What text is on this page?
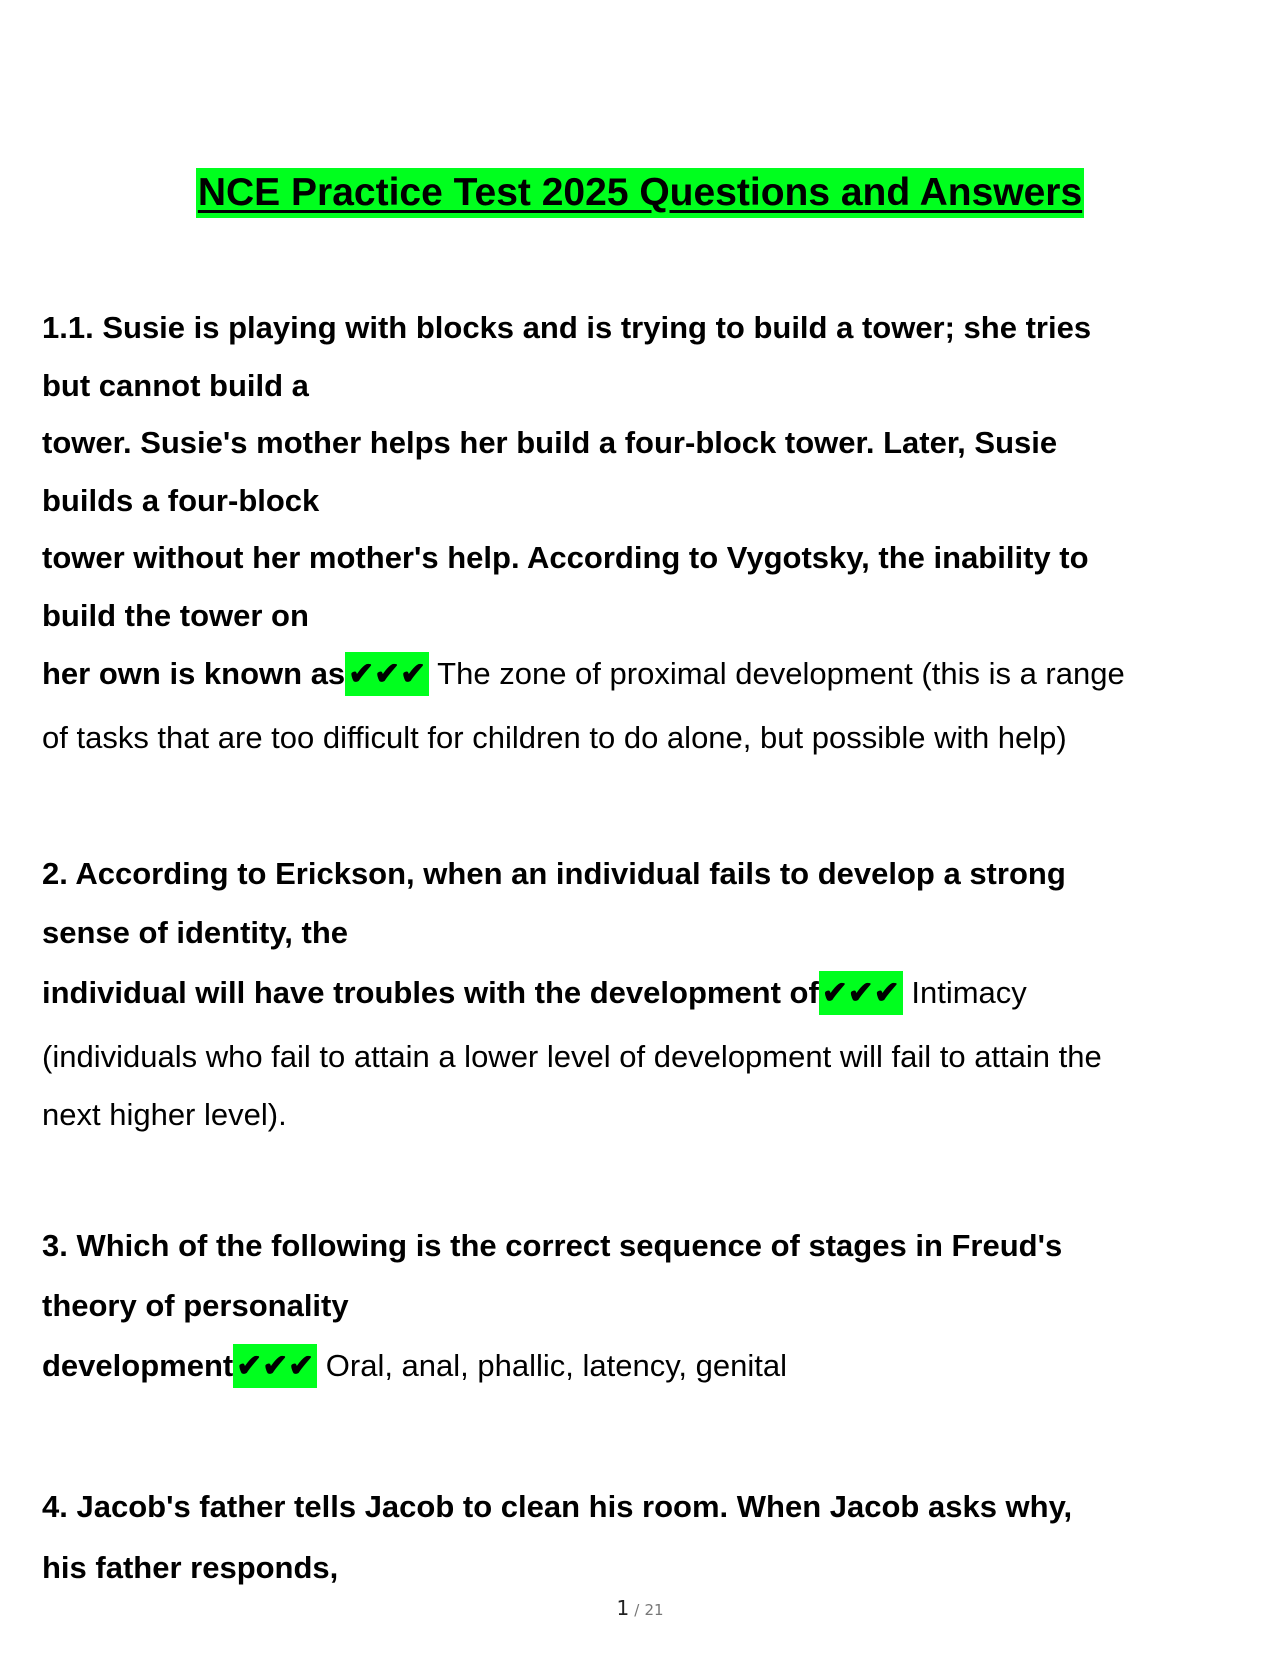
NCE Practice Test 2025 Questions and Answers
1.1. Susie is playing with blocks and is trying to build a tower; she tries
but cannot build a
tower. Susie's mother helps her build a four-block tower. Later, Susie
builds a four-block
tower without her mother's help. According to Vygotsky, the inability to
build the tower on
her own is known as✔✔✔ The zone of proximal development (this is a range
of tasks that are too difficult for children to do alone, but possible with help)
2. According to Erickson, when an individual fails to develop a strong
sense of identity, the
individual will have troubles with the development of✔✔✔ Intimacy
(individuals who fail to attain a lower level of development will fail to attain the
next higher level).
3. Which of the following is the correct sequence of stages in Freud's
theory of personality
development✔✔✔ Oral, anal, phallic, latency, genital
4. Jacob's father tells Jacob to clean his room. When Jacob asks why,
his father responds,
1 / 21
